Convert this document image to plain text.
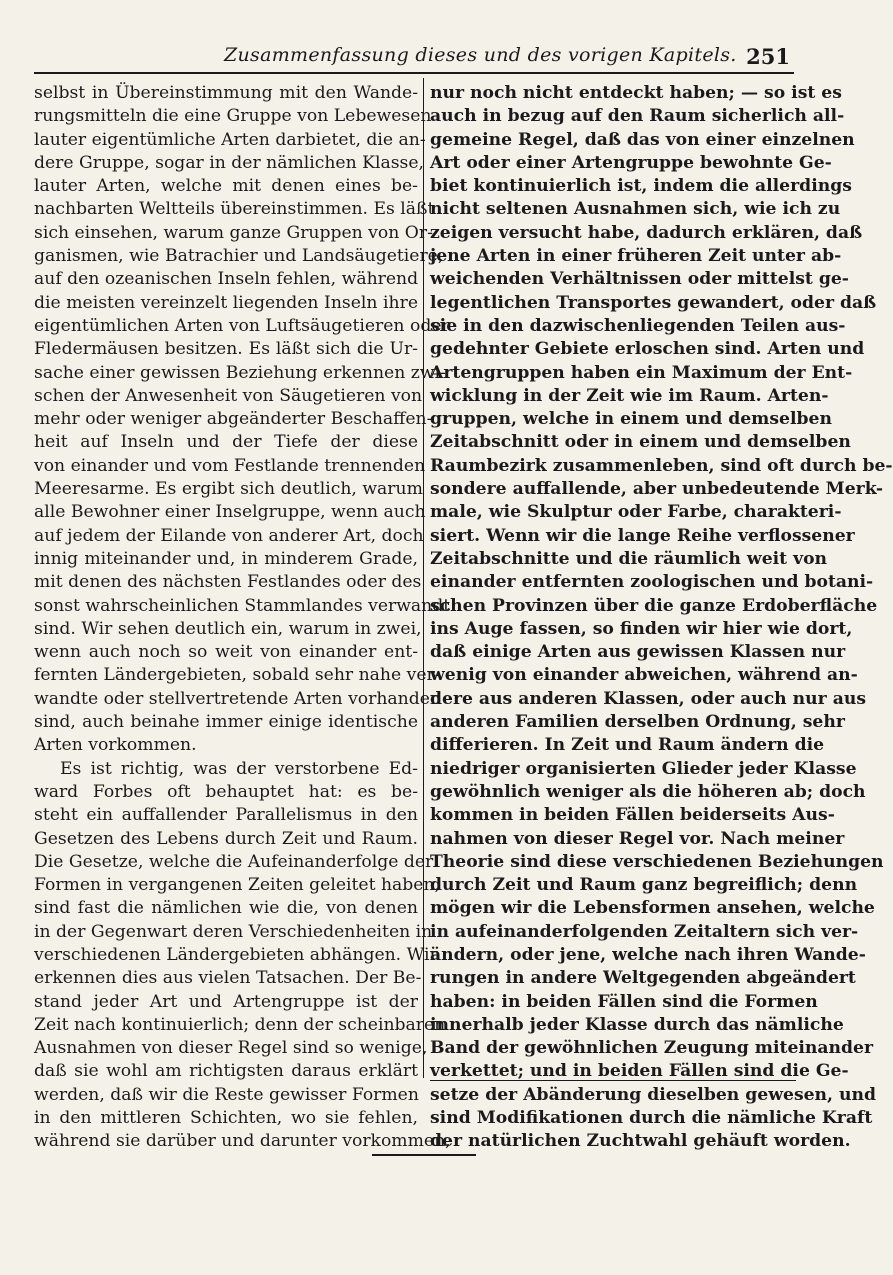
Zusammenfassung dieses und des vorigen Kapitels. 251
selbst in Übereinstimmung mit den Wande-
rungsmitteln die eine Gruppe von Lebewesen
lauter eigentümliche Arten darbietet, die an-
dere Gruppe, sogar in der nämlichen Klasse,
lauter Arten, welche mit denen eines be-
nachbarten Weltteils übereinstimmen. Es läßt
sich einsehen, warum ganze Gruppen von Or-
ganismen, wie Batrachier und Landsäugetiere,
auf den ozeanischen Inseln fehlen, während
die meisten vereinzelt liegenden Inseln ihre
eigentümlichen Arten von Luftsäugetieren oder
Fledermäusen besitzen. Es läßt sich die Ur-
sache einer gewissen Beziehung erkennen zwi-
schen der Anwesenheit von Säugetieren von
mehr oder weniger abgeänderter Beschaffen-
heit auf Inseln und der Tiefe der diese
von einander und vom Festlande trennenden
Meeresarme. Es ergibt sich deutlich, warum
alle Bewohner einer Inselgruppe, wenn auch
auf jedem der Eilande von anderer Art, doch
innig miteinander und, in minderem Grade,
mit denen des nächsten Festlandes oder des
sonst wahrscheinlichen Stammlandes verwandt
sind. Wir sehen deutlich ein, warum in zwei,
wenn auch noch so weit von einander ent-
fernten Ländergebieten, sobald sehr nahe ver-
wandte oder stellvertretende Arten vorhanden
sind, auch beinahe immer einige identische
Arten vorkommen.
Es ist richtig, was der verstorbene Ed-
ward Forbes oft behauptet hat: es be-
steht ein auffallender Parallelismus in den
Gesetzen des Lebens durch Zeit und Raum.
Die Gesetze, welche die Aufeinanderfolge der
Formen in vergangenen Zeiten geleitet haben,
sind fast die nämlichen wie die, von denen
in der Gegenwart deren Verschiedenheiten in
verschiedenen Ländergebieten abhängen. Wir
erkennen dies aus vielen Tatsachen. Der Be-
stand jeder Art und Artengruppe ist der
Zeit nach kontinuierlich; denn der scheinbaren
Ausnahmen von dieser Regel sind so wenige,
daß sie wohl am richtigsten daraus erklärt
werden, daß wir die Reste gewisser Formen
in den mittleren Schichten, wo sie fehlen,
während sie darüber und darunter vorkommen,
nur noch nicht entdeckt haben; — so ist es
auch in bezug auf den Raum sicherlich all-
gemeine Regel, daß das von einer einzelnen
Art oder einer Artengruppe bewohnte Ge-
biet kontinuierlich ist, indem die allerdings
nicht seltenen Ausnahmen sich, wie ich zu
zeigen versucht habe, dadurch erklären, daß
jene Arten in einer früheren Zeit unter ab-
weichenden Verhältnissen oder mittelst ge-
legentlichen Transportes gewandert, oder daß
sie in den dazwischenliegenden Teilen aus-
gedehnter Gebiete erloschen sind. Arten und
Artengruppen haben ein Maximum der Ent-
wicklung in der Zeit wie im Raum. Arten-
gruppen, welche in einem und demselben
Zeitabschnitt oder in einem und demselben
Raumbezirk zusammenleben, sind oft durch be-
sondere auffallende, aber unbedeutende Merk-
male, wie Skulptur oder Farbe, charakteri-
siert. Wenn wir die lange Reihe verflossener
Zeitabschnitte und die räumlich weit von
einander entfernten zoologischen und botani-
schen Provinzen über die ganze Erdoberfläche
ins Auge fassen, so finden wir hier wie dort,
daß einige Arten aus gewissen Klassen nur
wenig von einander abweichen, während an-
dere aus anderen Klassen, oder auch nur aus
anderen Familien derselben Ordnung, sehr
differieren. In Zeit und Raum ändern die
niedriger organisierten Glieder jeder Klasse
gewöhnlich weniger als die höheren ab; doch
kommen in beiden Fällen beiderseits Aus-
nahmen von dieser Regel vor. Nach meiner
Theorie sind diese verschiedenen Beziehungen
durch Zeit und Raum ganz begreiflich; denn
mögen wir die Lebensformen ansehen, welche
in aufeinanderfolgenden Zeitaltern sich ver-
ändern, oder jene, welche nach ihren Wande-
rungen in andere Weltgegenden abgeändert
haben: in beiden Fällen sind die Formen
innerhalb jeder Klasse durch das nämliche
Band der gewöhnlichen Zeugung miteinander
verkettet; und in beiden Fällen sind die Ge-
setze der Abänderung dieselben gewesen, und
sind Modifikationen durch die nämliche Kraft
der natürlichen Zuchtwahl gehäuft worden.
